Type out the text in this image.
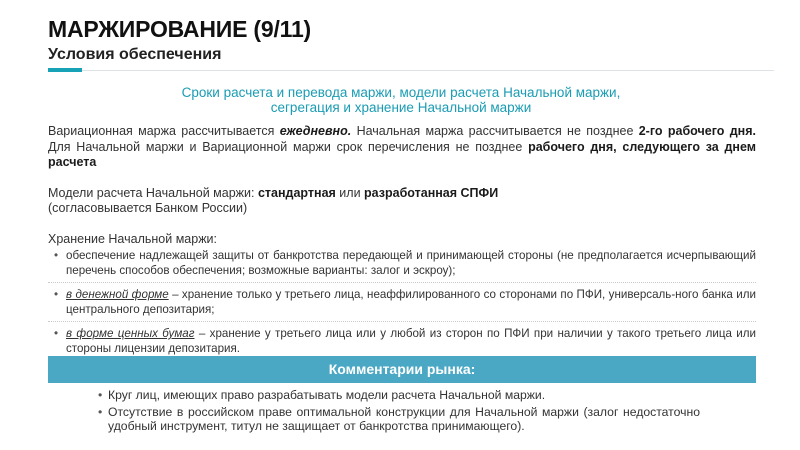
МАРЖИРОВАНИЕ (9/11)
Условия обеспечения
Сроки расчета и перевода маржи, модели расчета Начальной маржи,
сегрегация и хранение Начальной маржи

Вариационная маржа рассчитывается ежедневно. Начальная маржа рассчитывается не позднее 2-го рабочего дня. Для Начальной маржи и Вариационной маржи срок перечисления не позднее рабочего дня, следующего за днем расчета

Модели расчета Начальной маржи: стандартная или разработанная СПФИ
(согласовывается Банком России)

Хранение Начальной маржи:

• обеспечение надлежащей защиты от банкротства передающей и принимающей стороны (не предполагается исчерпывающий перечень способов обеспечения; возможные варианты: залог и эскроу);
• в денежной форме – хранение только у третьего лица, неаффилированного со сторонами по ПФИ, универсаль-ного банка или центрального депозитария;
• в форме ценных бумаг – хранение у третьего лица или у любой из сторон по ПФИ при наличии у такого третьего лица или стороны лицензии депозитария.
Комментарии рынка:
• Круг лиц, имеющих право разрабатывать модели расчета Начальной маржи.
• Отсутствие в российском праве оптимальной конструкции для Начальной маржи (залог недостаточно удобный инструмент, титул не защищает от банкротства принимающего).
